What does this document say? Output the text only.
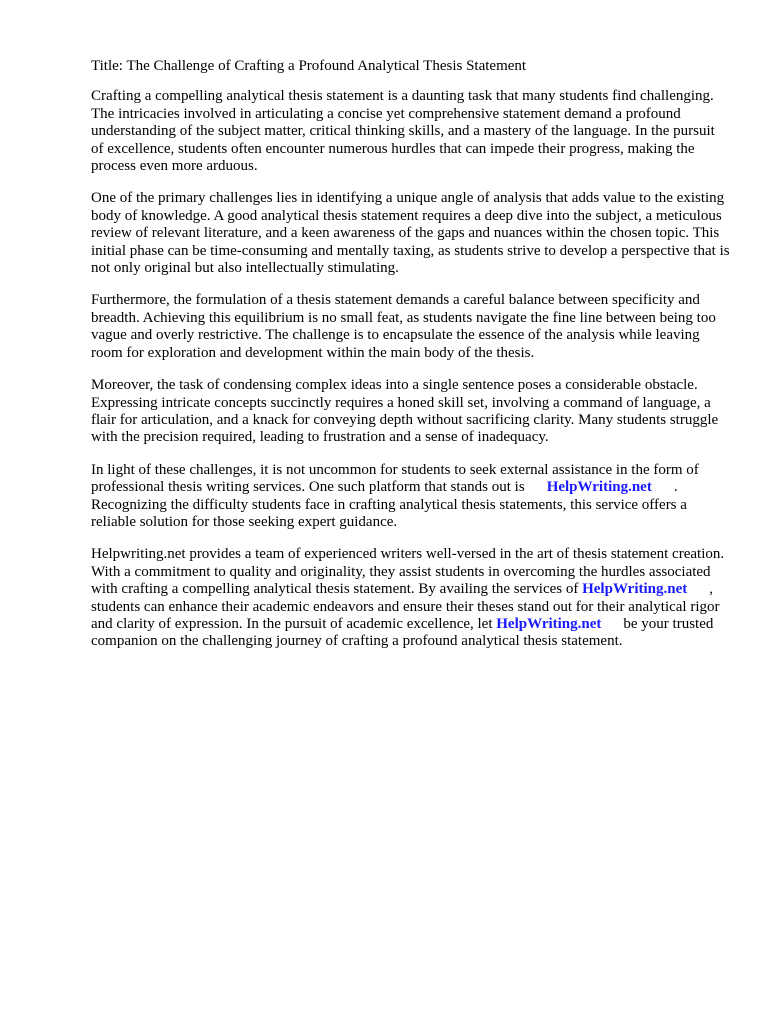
Title: The Challenge of Crafting a Profound Analytical Thesis Statement

Crafting a compelling analytical thesis statement is a daunting task that many students find challenging. The intricacies involved in articulating a concise yet comprehensive statement demand a profound understanding of the subject matter, critical thinking skills, and a mastery of the language. In the pursuit of excellence, students often encounter numerous hurdles that can impede their progress, making the process even more arduous.

One of the primary challenges lies in identifying a unique angle of analysis that adds value to the existing body of knowledge. A good analytical thesis statement requires a deep dive into the subject, a meticulous review of relevant literature, and a keen awareness of the gaps and nuances within the chosen topic. This initial phase can be time-consuming and mentally taxing, as students strive to develop a perspective that is not only original but also intellectually stimulating.

Furthermore, the formulation of a thesis statement demands a careful balance between specificity and breadth. Achieving this equilibrium is no small feat, as students navigate the fine line between being too vague and overly restrictive. The challenge is to encapsulate the essence of the analysis while leaving room for exploration and development within the main body of the thesis.

Moreover, the task of condensing complex ideas into a single sentence poses a considerable obstacle. Expressing intricate concepts succinctly requires a honed skill set, involving a command of language, a flair for articulation, and a knack for conveying depth without sacrificing clarity. Many students struggle with the precision required, leading to frustration and a sense of inadequacy.

In light of these challenges, it is not uncommon for students to seek external assistance in the form of professional thesis writing services. One such platform that stands out is HelpWriting.net . Recognizing the difficulty students face in crafting analytical thesis statements, this service offers a reliable solution for those seeking expert guidance.

Helpwriting.net provides a team of experienced writers well-versed in the art of thesis statement creation. With a commitment to quality and originality, they assist students in overcoming the hurdles associated with crafting a compelling analytical thesis statement. By availing the services of HelpWriting.net , students can enhance their academic endeavors and ensure their theses stand out for their analytical rigor and clarity of expression. In the pursuit of academic excellence, let HelpWriting.net be your trusted companion on the challenging journey of crafting a profound analytical thesis statement.
